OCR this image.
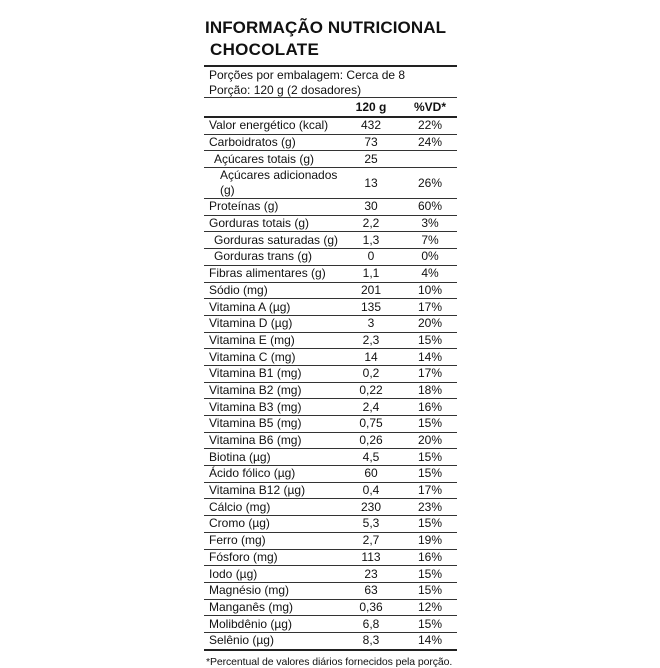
INFORMAÇÃO NUTRICIONAL
CHOCOLATE
Porções por embalagem: Cerca de 8
Porção: 120 g (2 dosadores)
	120 g	%VD*
Valor energético (kcal)	432	22%
Carboidratos (g)	73	24%
Açúcares totais (g)	25	
Açúcares adicionados (g)	13	26%
Proteínas (g)	30	60%
Gorduras totais (g)	2,2	3%
Gorduras saturadas (g)	1,3	7%
Gorduras trans (g)	0	0%
Fibras alimentares (g)	1,1	4%
Sódio (mg)	201	10%
Vitamina A (µg)	135	17%
Vitamina D (µg)	3	20%
Vitamina E (mg)	2,3	15%
Vitamina C (mg)	14	14%
Vitamina B1 (mg)	0,2	17%
Vitamina B2 (mg)	0,22	18%
Vitamina B3 (mg)	2,4	16%
Vitamina B5 (mg)	0,75	15%
Vitamina B6 (mg)	0,26	20%
Biotina (µg)	4,5	15%
Ácido fólico (µg)	60	15%
Vitamina B12 (µg)	0,4	17%
Cálcio (mg)	230	23%
Cromo (µg)	5,3	15%
Ferro (mg)	2,7	19%
Fósforo (mg)	113	16%
Iodo (µg)	23	15%
Magnésio (mg)	63	15%
Manganês (mg)	0,36	12%
Molibdênio (µg)	6,8	15%
Selênio (µg)	8,3	14%
*Percentual de valores diários fornecidos pela porção.
